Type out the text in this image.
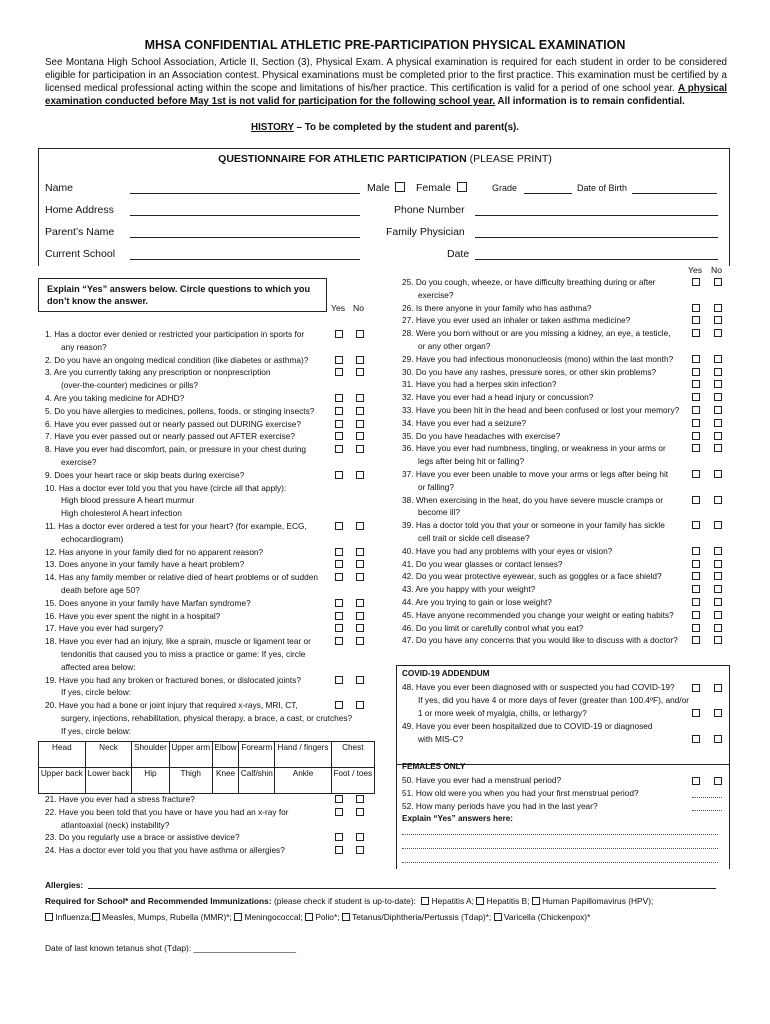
MHSA CONFIDENTIAL ATHLETIC PRE-PARTICIPATION PHYSICAL EXAMINATION
See Montana High School Association, Article II, Section (3), Physical Exam. A physical examination is required for each student in order to be considered eligible for participation in an Association contest. Physical examinations must be completed prior to the first practice. This examination must be certified by a licensed medical professional acting within the scope and limitations of his/her practice. This certification is valid for a period of one school year. A physical examination conducted before May 1st is not valid for participation for the following school year. All information is to remain confidential.
HISTORY – To be completed by the student and parent(s).
QUESTIONNAIRE FOR ATHLETIC PARTICIPATION (PLEASE PRINT)
Name	Male Female	Grade	Date of Birth
Home Address	Phone Number
Parent’s Name	Family Physician
Current School	Date
Explain “Yes” answers below. Circle questions to which you don’t know the answer.
Yes No
Yes No
1. Has a doctor ever denied or restricted your participation in sports for
any reason?
2. Do you have an ongoing medical condition (like diabetes or asthma)?
3. Are you currently taking any prescription or nonprescription
(over-the-counter) medicines or pills?
4. Are you taking medicine for ADHD?
5. Do you have allergies to medicines, pollens, foods, or stinging insects?
6. Have you ever passed out or nearly passed out DURING exercise?
7. Have you ever passed out or nearly passed out AFTER exercise?
8. Have you ever had discomfort, pain, or pressure in your chest during
exercise?
9. Does your heart race or skip beats during exercise?
10. Has a doctor ever told you that you have (circle all that apply):
High blood pressure A heart murmur
High cholesterol A heart infection
11. Has a doctor ever ordered a test for your heart? (for example, ECG,
echocardiogram)
12. Has anyone in your family died for no apparent reason?
13. Does anyone in your family have a heart problem?
14. Has any family member or relative died of heart problems or of sudden
death before age 50?
15. Does anyone in your family have Marfan syndrome?
16. Have you ever spent the night in a hospital?
17. Have you ever had surgery?
18. Have you ever had an injury, like a sprain, muscle or ligament tear or
tendonitis that caused you to miss a practice or game: If yes, circle
affected area below:
19. Have you had any broken or fractured bones, or dislocated joints?
If yes, circle below:
20. Have you had a bone or joint injury that required x-rays, MRI, CT,
surgery, injections, rehabilitation, physical therapy, a brace, a cast, or crutches?
If yes, circle below:
21. Have you ever had a stress fracture?
22. Have you been told that you have or have you had an x-ray for
atlantoaxial (neck) instability?
23. Do you regularly use a brace or assistive device?
24. Has a doctor ever told you that you have asthma or allergies?
25. Do you cough, wheeze, or have difficulty breathing during or after
exercise?
26. Is there anyone in your family who has asthma?
27. Have you ever used an inhaler or taken asthma medicine?
28. Were you born without or are you missing a kidney, an eye, a testicle,
or any other organ?
29. Have you had infectious mononucleosis (mono) within the last month?
30. Do you have any rashes, pressure sores, or other skin problems?
31. Have you had a herpes skin infection?
32. Have you ever had a head injury or concussion?
33. Have you been hit in the head and been confused or lost your memory?
34. Have you ever had a seizure?
35. Do you have headaches with exercise?
36. Have you ever had numbness, tingling, or weakness in your arms or
legs after being hit or falling?
37. Have you ever been unable to move your arms or legs after being hit
or falling?
38. When exercising in the heat, do you have severe muscle cramps or
become ill?
39. Has a doctor told you that your or someone in your family has sickle
cell trait or sickle cell disease?
40. Have you had any problems with your eyes or vision?
41. Do you wear glasses or contact lenses?
42. Do you wear protective eyewear, such as goggles or a face shield?
43. Are you happy with your weight?
44. Are you trying to gain or lose weight?
45. Have anyone recommended you change your weight or eating habits?
46. Do you limit or carefully control what you eat?
47. Do you have any concerns that you would like to discuss with a doctor?
Head	Neck	Shoulder	Upper arm	Elbow	Forearm	Hand / fingers	Chest
Upper back	Lower back	Hip	Thigh	Knee	Calf/shin	Ankle	Foot / toes
COVID-19 ADDENDUM
48. Have you ever been diagnosed with or suspected you had COVID-19?
If yes, did you have 4 or more days of fever (greater than 100.4ºF), and/or
1 or more week of myalgia, chills, or lethargy?
49. Have you ever been hospitalized due to COVID-19 or diagnosed
with MIS-C?
FEMALES ONLY
50. Have you ever had a menstrual period?
51. How old were you when you had your first menstrual period?
52. How many periods have you had in the last year?
Explain “Yes” answers here:
Allergies:
Required for School* and Recommended Immunizations: (please check if student is up-to-date): Hepatitis A; Hepatitis B; Human Papillomavirus (HPV);
Influenza; Measles, Mumps, Rubella (MMR)*; Meningococcal; Polio*; Tetanus/Diphtheria/Pertussis (Tdap)*; Varicella (Chickenpox)*
Date of last known tetanus shot (Tdap): ______________________
